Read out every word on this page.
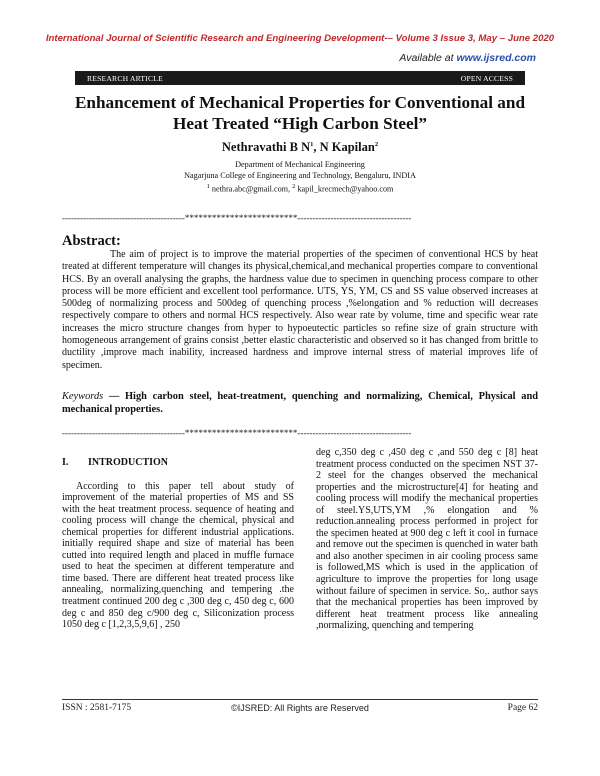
International Journal of Scientific Research and Engineering Development-– Volume 3 Issue 3, May – June 2020
Available at www.ijsred.com
RESEARCH ARTICLE	OPEN ACCESS
Enhancement of Mechanical Properties for Conventional and
Heat Treated “High Carbon Steel”
Nethravathi B $N^1$, N Kapilan$^2$
Department of Mechanical Engineering
Nagarjuna College of Engineering and Technology, Bengaluru, INDIA
$^1$ nethra.abc@gmail.com, $^2$ kapil_krecmech@yahoo.com
-----------------------------------------*************************--------------------------------------
Abstract:

The aim of project is to improve the material properties of the specimen of conventional HCS by heat treated at different temperature will changes its physical,chemical,and mechanical properties compare to conventional HCS. By an overall analysing the graphs, the hardness value due to specimen in quenching process compare to other process will be more efficient and excellent tool performance. UTS, YS, YM, CS and SS value observed increases at 500deg of normalizing process and 500deg of quenching process ,%elongation and % reduction will decreases respectively compare to others and normal HCS respectively. Also wear rate by volume, time and specific wear rate increases the micro structure changes from hyper to hypoeutectic particles so refine size of grain structure with homogeneous arrangement of grains consist ,better elastic characteristic and observed so it has changed from brittle to ductility ,improve mach inability, increased hardness and improve internal stress of material improves life of specimen.

Keywords — High carbon steel, heat-treatment, quenching and normalizing, Chemical, Physical and mechanical properties.

-----------------------------------------*************************--------------------------------------
I. INTRODUCTION

According to this paper tell about study of improvement of the material properties of MS and SS with the heat treatment process. sequence of heating and cooling process will change the chemical, physical and chemical properties for different industrial applications. initially required shape and size of material has been cutted into required length and placed in muffle furnace used to heat the specimen at different temperature and time based. There are different heat treated process like annealing, normalizing,quenching and tempering .the treatment continued 200 deg c ,300 deg c, 450 deg c, 600 deg c and 850 deg c/900 deg c, Siliconization process 1050 deg c [1,2,3,5,9,6] , 250

deg c,350 deg c ,450 deg c ,and 550 deg c [8] heat treatment process conducted on the specimen NST 37-2 steel for the changes observed the mechanical properties and the microstructure[4] for heating and cooling process will modify the mechanical properties of steel.YS,UTS,YM ,% elongation and % reduction.annealing process performed in project for the specimen heated at 900 deg c left it cool in furnace and remove out the specimen is quenched in water bath and also another specimen in air cooling process same is followed,MS which is used in the application of agriculture to improve the properties for long usage without failure of specimen in service. So,. author says that the mechanical properties has been improved by different heat treatment process like annealing ,normalizing, quenching and tempering

ISSN : 2581-7175	©IJSRED: All Rights are Reserved	Page 62
